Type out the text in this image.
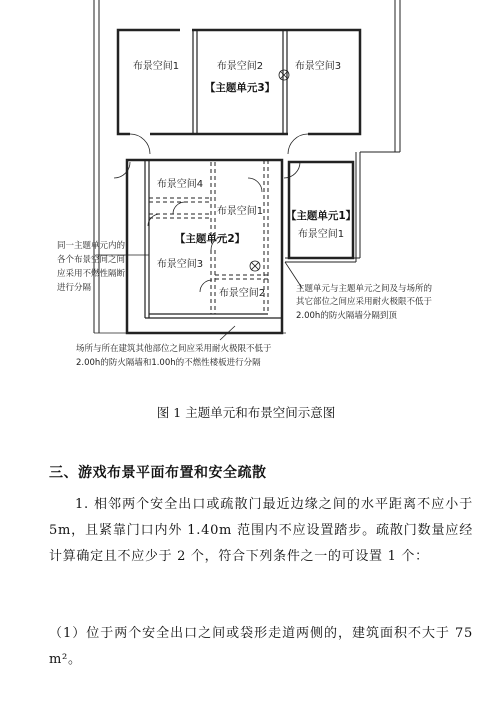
布景空间1	布景空间2	布景空间3
布景空间4
布景空间1
布景空间3
布景空间2
布景空间1
【主题单元3】
【主题单元2】
【主题单元1】
同一主题单元内的
各个布景空间之间
应采用不燃性隔断
进行分隔	主题单元与主题单元之间及与场所的
其它部位之间应采用耐火极限不低于
2.00h的防火隔墙分隔到顶
场所与所在建筑其他部位之间应采用耐火极限不低于
2.00h的防火隔墙和1.00h的不燃性楼板进行分隔
图 1 主题单元和布景空间示意图
三、游戏布景平面布置和安全疏散
1. 相邻两个安全出口或疏散门最近边缘之间的水平距离不应小于 5m，且紧靠门口内外 1.40m 范围内不应设置踏步。疏散门数量应经计算确定且不应少于 2 个，符合下列条件之一的可设置 1 个：
（1）位于两个安全出口之间或袋形走道两侧的，建筑面积不大于 75 m²。
